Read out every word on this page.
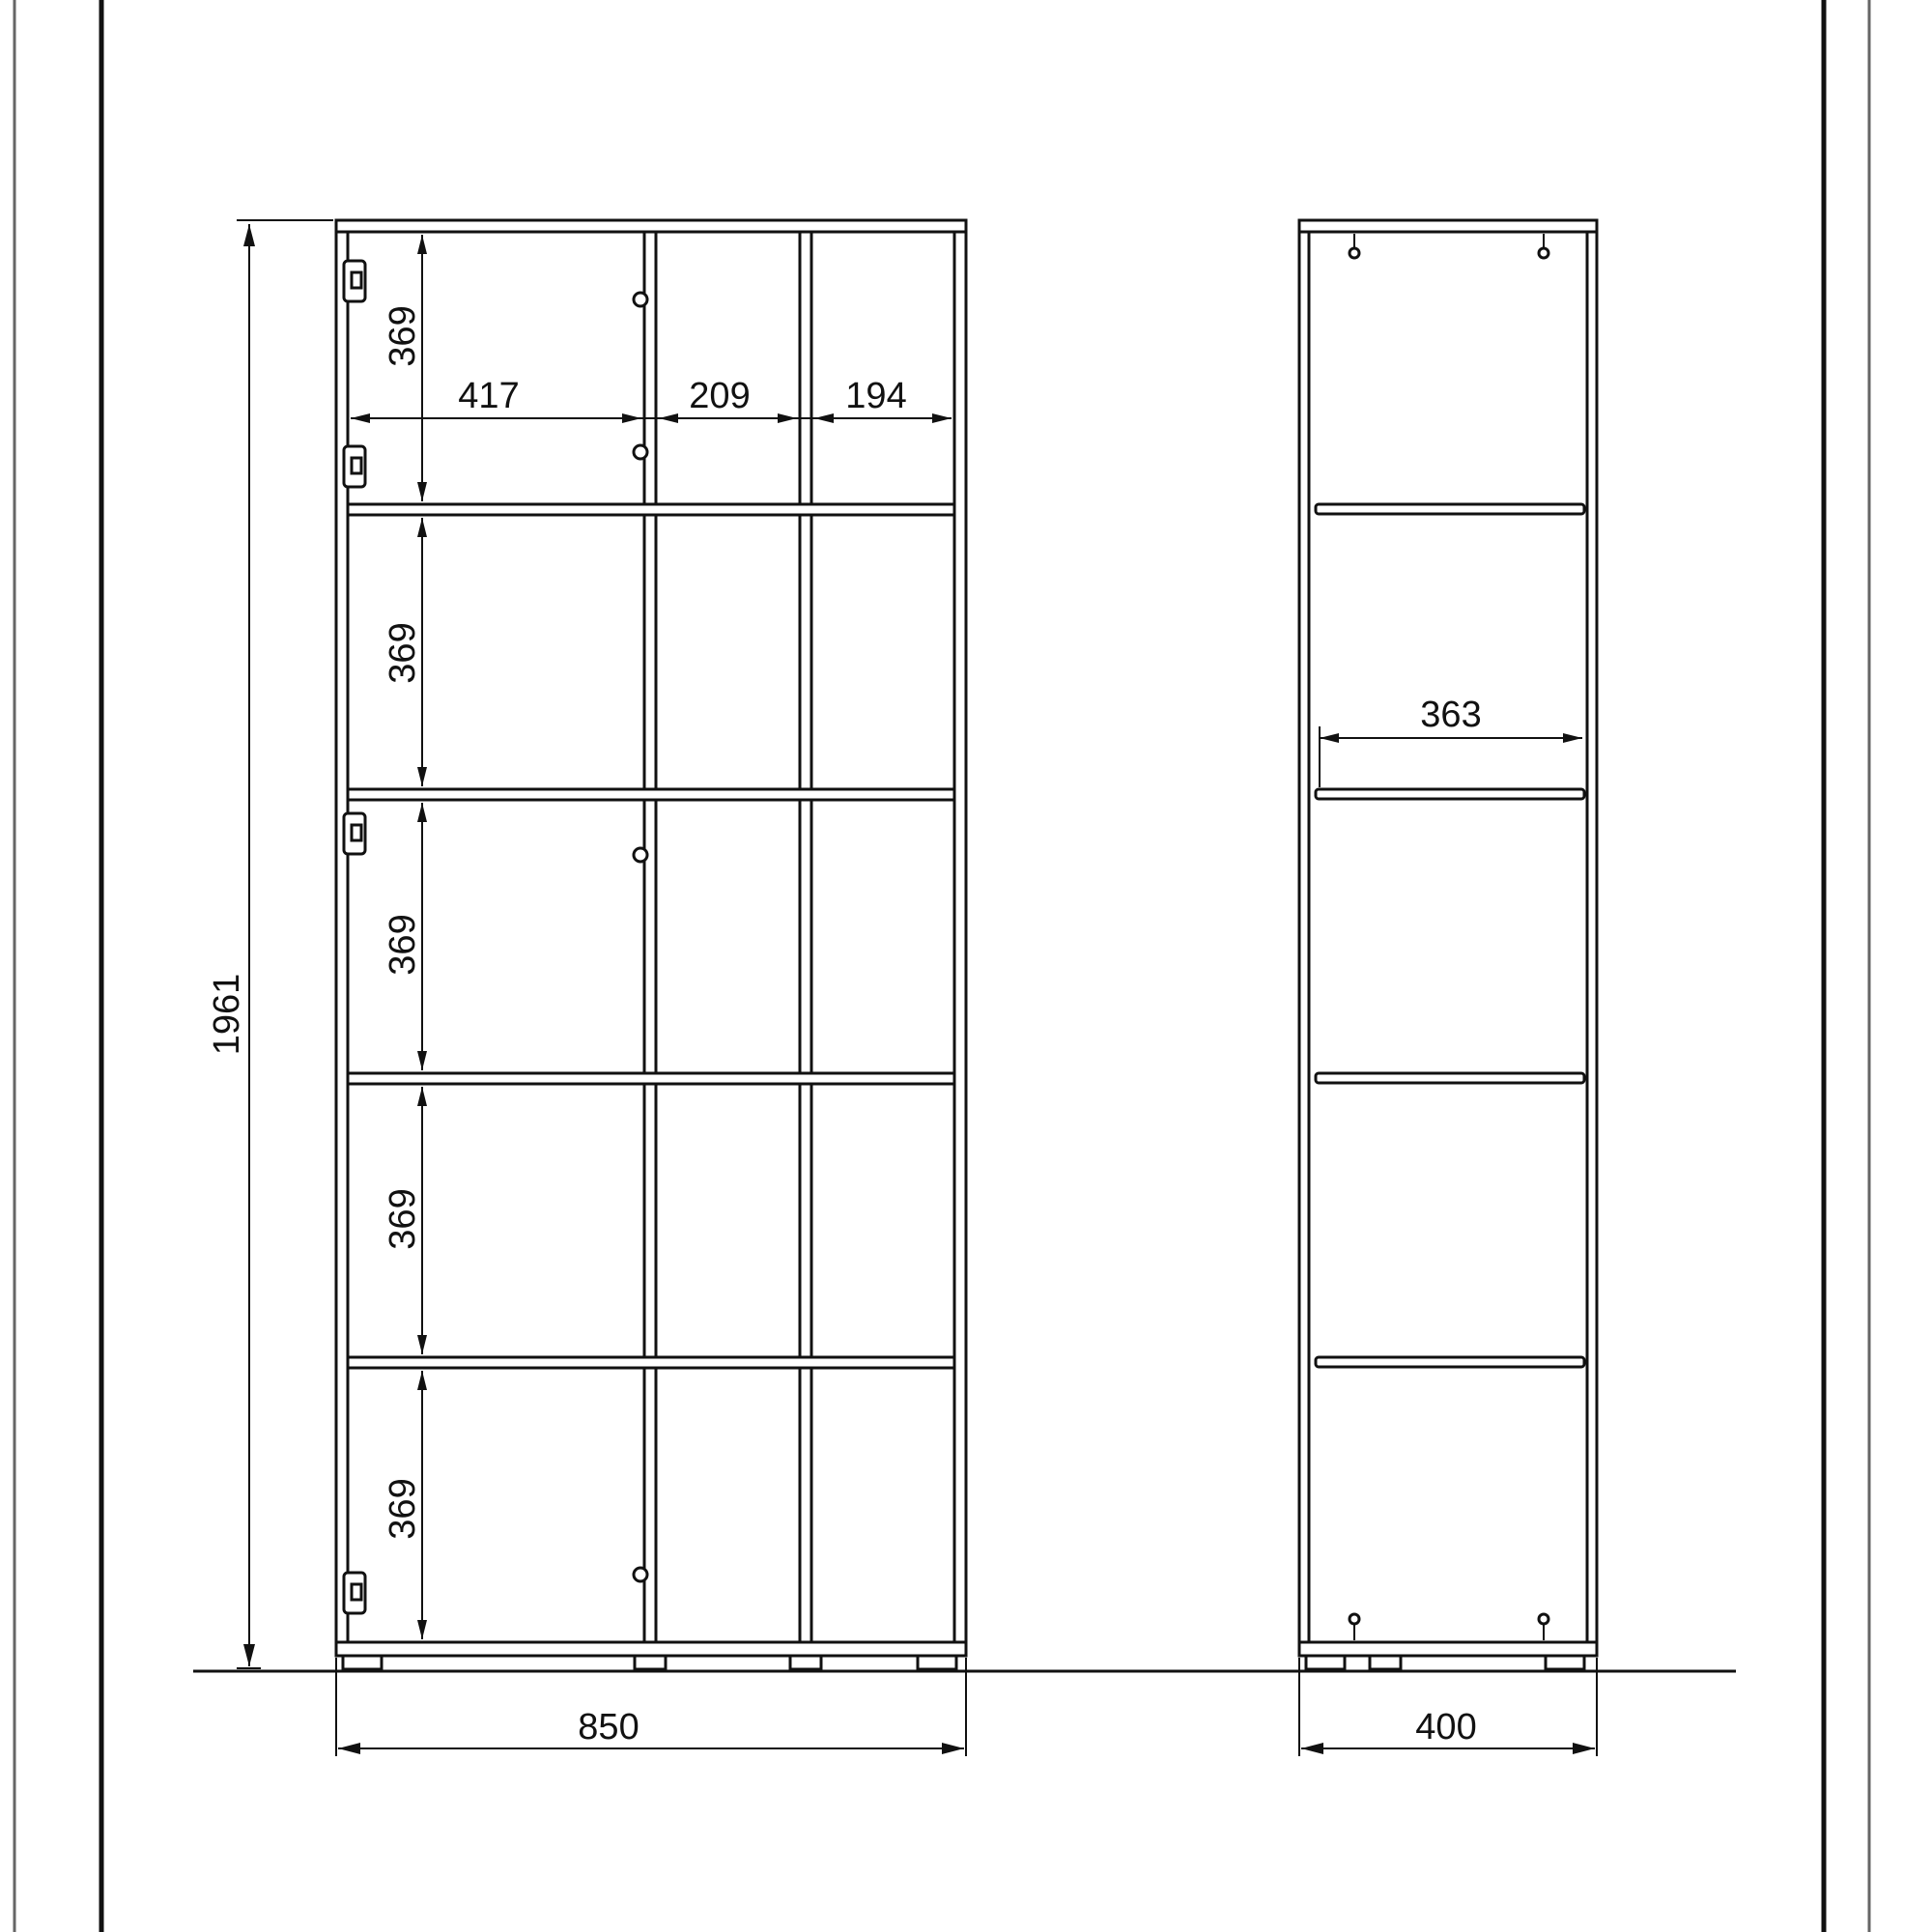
1961
369
369
369
369
369
417	209	194
850
363
400
